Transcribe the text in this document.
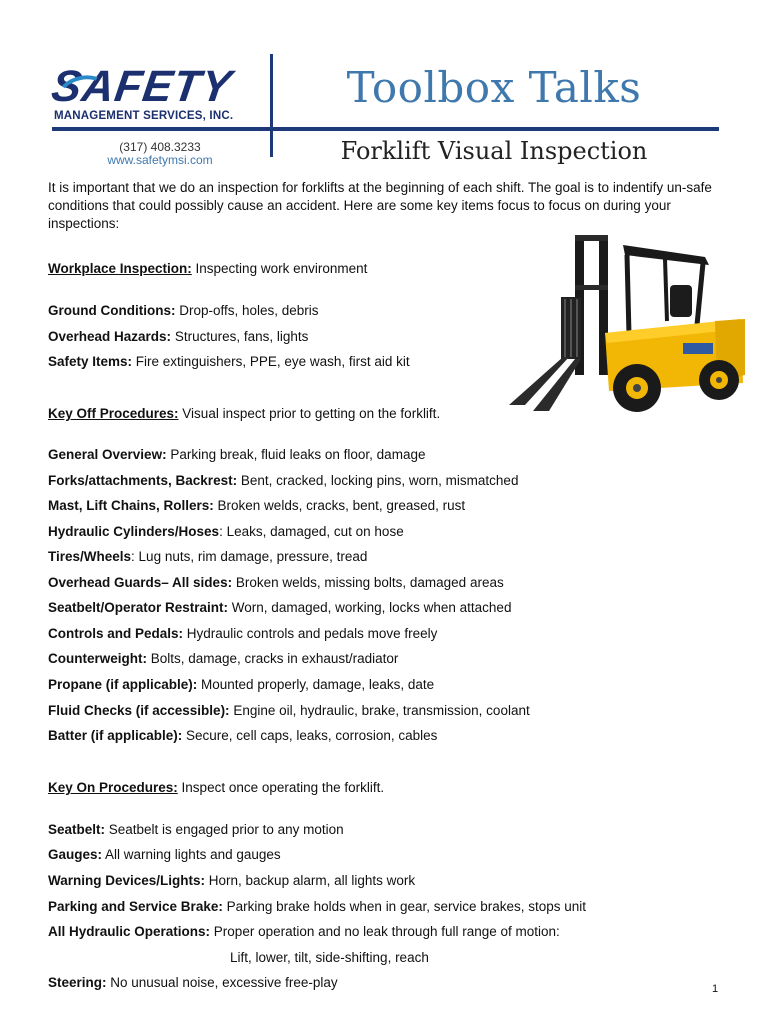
SAFETY
MANAGEMENT SERVICES, INC.
Toolbox Talks
Forklift Visual Inspection
(317) 408.3233
www.safetymsi.com
It is important that we do an inspection for forklifts at the beginning of each shift. The goal is to indentify un-safe conditions that could possibly cause an accident. Here are some key items focus to focus on during your inspections:
Workplace Inspection: Inspecting work environment
Ground Conditions: Drop-offs, holes, debris
Overhead Hazards: Structures, fans, lights
Safety Items: Fire extinguishers, PPE, eye wash, first aid kit
Key Off Procedures: Visual inspect prior to getting on the forklift.
General Overview: Parking break, fluid leaks on floor, damage
Forks/attachments, Backrest: Bent, cracked, locking pins, worn, mismatched
Mast, Lift Chains, Rollers: Broken welds, cracks, bent, greased, rust
Hydraulic Cylinders/Hoses: Leaks, damaged, cut on hose
Tires/Wheels: Lug nuts, rim damage, pressure, tread
Overhead Guards– All sides: Broken welds, missing bolts, damaged areas
Seatbelt/Operator Restraint: Worn, damaged, working, locks when attached
Controls and Pedals: Hydraulic controls and pedals move freely
Counterweight: Bolts, damage, cracks in exhaust/radiator
Propane (if applicable): Mounted properly, damage, leaks, date
Fluid Checks (if accessible): Engine oil, hydraulic, brake, transmission, coolant
Batter (if applicable): Secure, cell caps, leaks, corrosion, cables
Key On Procedures: Inspect once operating the forklift.
Seatbelt: Seatbelt is engaged prior to any motion
Gauges: All warning lights and gauges
Warning Devices/Lights: Horn, backup alarm, all lights work
Parking and Service Brake: Parking brake holds when in gear, service brakes, stops unit
All Hydraulic Operations: Proper operation and no leak through full range of motion:
Lift, lower, tilt, side-shifting, reach
Steering: No unusual noise, excessive free-play	1
